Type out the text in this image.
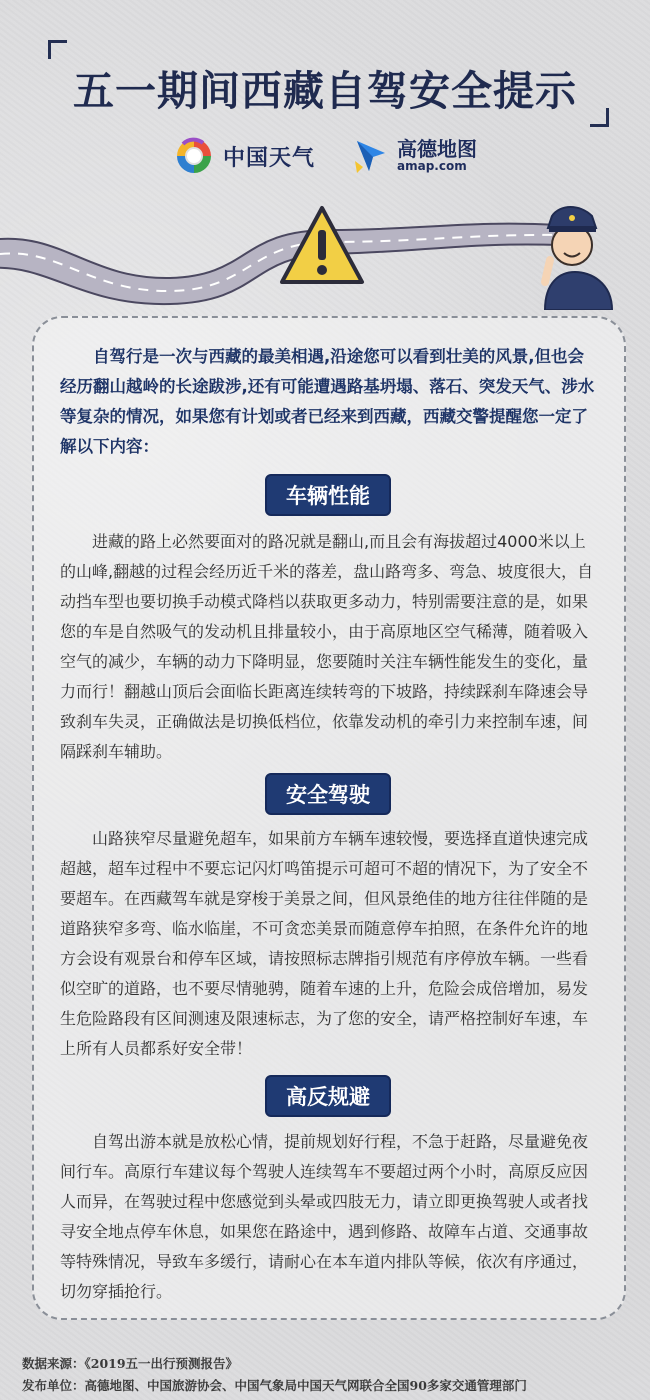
五一期间西藏自驾安全提示
中国天气	高德地图
amap.com

自驾行是一次与西藏的最美相遇,沿途您可以看到壮美的风景,但也会经历翻山越岭的长途跋涉,还有可能遭遇路基坍塌、落石、突发天气、涉水等复杂的情况，如果您有计划或者已经来到西藏，西藏交警提醒您一定了解以下内容：

车辆性能

进藏的路上必然要面对的路况就是翻山,而且会有海拔超过4000米以上的山峰,翻越的过程会经历近千米的落差，盘山路弯多、弯急、坡度很大，自动挡车型也要切换手动模式降档以获取更多动力，特别需要注意的是，如果您的车是自然吸气的发动机且排量较小，由于高原地区空气稀薄，随着吸入空气的减少，车辆的动力下降明显，您要随时关注车辆性能发生的变化，量力而行！翻越山顶后会面临长距离连续转弯的下坡路，持续踩刹车降速会导致刹车失灵，正确做法是切换低档位，依靠发动机的牵引力来控制车速，间隔踩刹车辅助。

安全驾驶

山路狭窄尽量避免超车，如果前方车辆车速较慢，要选择直道快速完成超越，超车过程中不要忘记闪灯鸣笛提示可超可不超的情况下，为了安全不要超车。在西藏驾车就是穿梭于美景之间，但风景绝佳的地方往往伴随的是道路狭窄多弯、临水临崖，不可贪恋美景而随意停车拍照，在条件允许的地方会设有观景台和停车区域，请按照标志牌指引规范有序停放车辆。一些看似空旷的道路，也不要尽情驰骋，随着车速的上升，危险会成倍增加，易发生危险路段有区间测速及限速标志，为了您的安全，请严格控制好车速，车上所有人员都系好安全带！

高反规避

自驾出游本就是放松心情，提前规划好行程，不急于赶路，尽量避免夜间行车。高原行车建议每个驾驶人连续驾车不要超过两个小时，高原反应因人而异，在驾驶过程中您感觉到头晕或四肢无力，请立即更换驾驶人或者找寻安全地点停车休息，如果您在路途中，遇到修路、故障车占道、交通事故等特殊情况，导致车多缓行，请耐心在本车道内排队等候，依次有序通过，切勿穿插抢行。

数据来源：《2019五一出行预测报告》
发布单位：高德地图、中国旅游协会、中国气象局中国天气网联合全国90多家交通管理部门
